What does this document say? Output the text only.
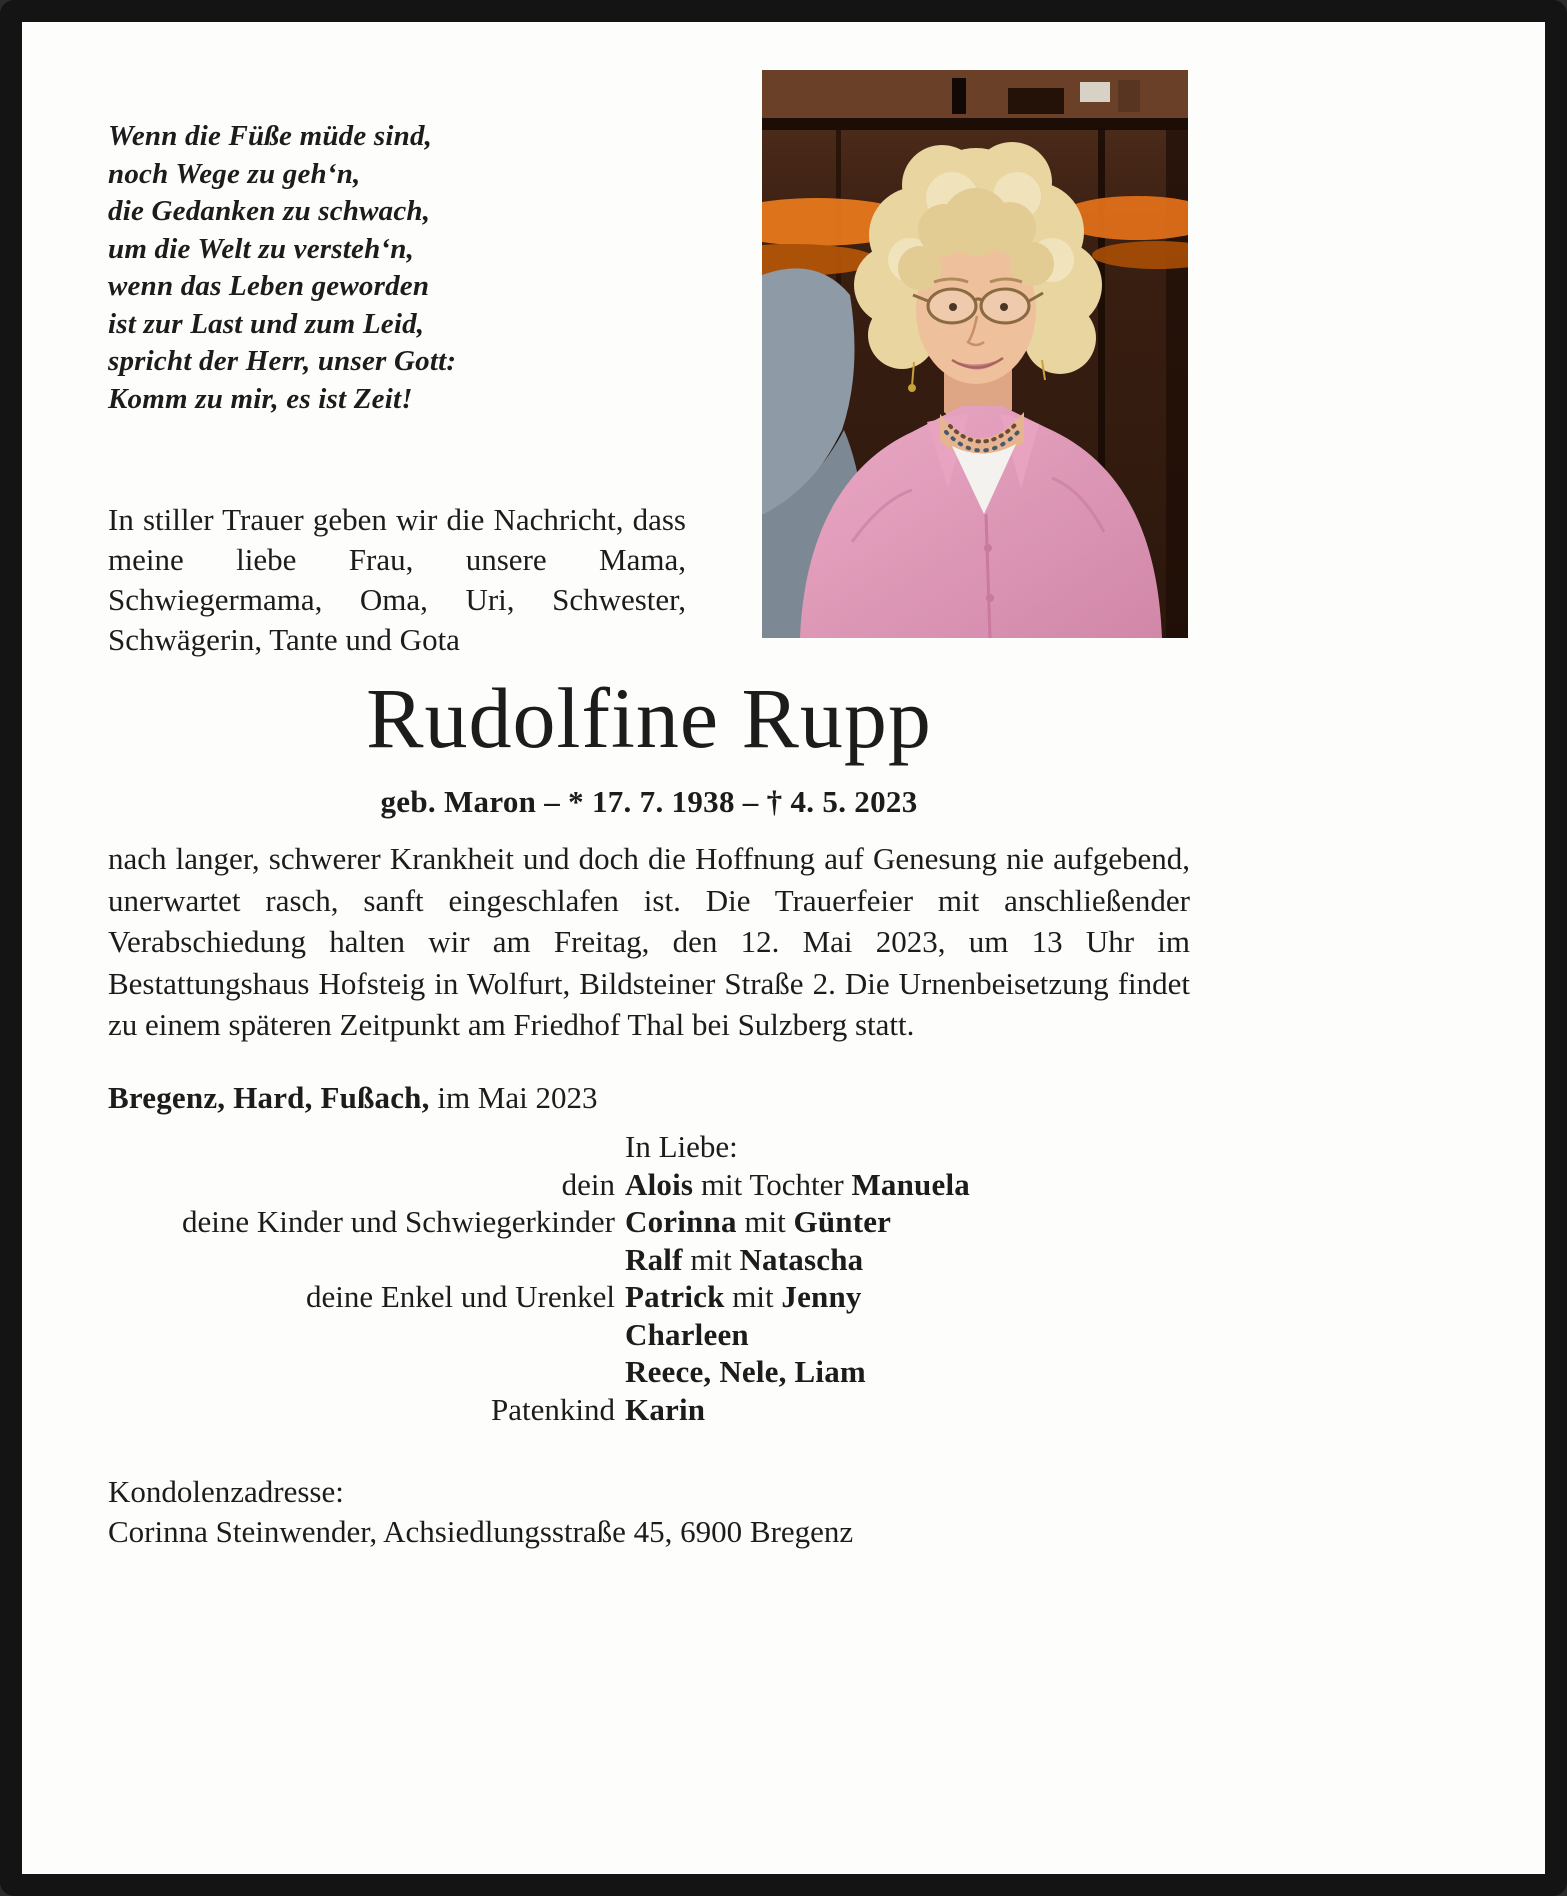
Wenn die Füße müde sind,
noch Wege zu geh‘n,
die Gedanken zu schwach,
um die Welt zu versteh‘n,
wenn das Leben geworden
ist zur Last und zum Leid,
spricht der Herr, unser Gott:
Komm zu mir, es ist Zeit!

In stiller Trauer geben wir die Nachricht, dass meine liebe Frau, unsere Mama, Schwiegermama, Oma, Uri, Schwester, Schwägerin, Tante und Gota

Rudolfine Rupp
geb. Maron – * 17. 7. 1938 – † 4. 5. 2023

nach langer, schwerer Krankheit und doch die Hoffnung auf Genesung nie aufgebend, unerwartet rasch, sanft eingeschlafen ist. Die Trauerfeier mit anschließender Verabschiedung halten wir am Freitag, den 12. Mai 2023, um 13 Uhr im Bestattungshaus Hofsteig in Wolfurt, Bildsteiner Straße 2. Die Urnenbeisetzung findet zu einem späteren Zeitpunkt am Friedhof Thal bei Sulzberg statt.

Bregenz, Hard, Fußach, im Mai 2023

In Liebe:
dein Alois mit Tochter Manuela
deine Kinder und Schwiegerkinder Corinna mit Günter
Ralf mit Natascha
deine Enkel und Urenkel Patrick mit Jenny
Charleen
Reece, Nele, Liam
Patenkind Karin
Kondolenzadresse:
Corinna Steinwender, Achsiedlungsstraße 45, 6900 Bregenz
